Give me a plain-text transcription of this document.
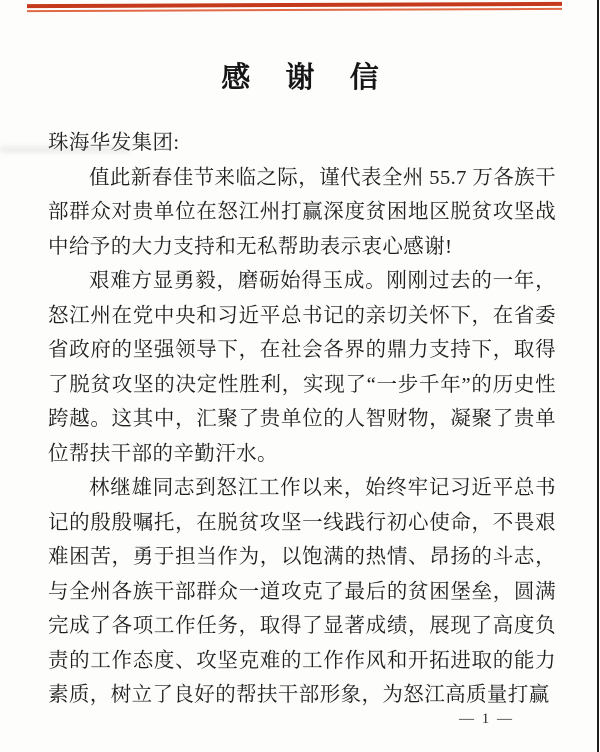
感 谢 信

珠海华发集团:

值此新春佳节来临之际，谨代表全州 55.7 万各族干部群众对贵单位在怒江州打赢深度贫困地区脱贫攻坚战中给予的大力支持和无私帮助表示衷心感谢!

艰难方显勇毅，磨砺始得玉成。刚刚过去的一年，怒江州在党中央和习近平总书记的亲切关怀下，在省委省政府的坚强领导下，在社会各界的鼎力支持下，取得了脱贫攻坚的决定性胜利，实现了“一步千年”的历史性跨越。这其中，汇聚了贵单位的人智财物，凝聚了贵单位帮扶干部的辛勤汗水。

林继雄同志到怒江工作以来，始终牢记习近平总书记的殷殷嘱托，在脱贫攻坚一线践行初心使命，不畏艰难困苦，勇于担当作为，以饱满的热情、昂扬的斗志，与全州各族干部群众一道攻克了最后的贫困堡垒，圆满完成了各项工作任务，取得了显著成绩，展现了高度负责的工作态度、攻坚克难的工作作风和开拓进取的能力素质，树立了良好的帮扶干部形象，为怒江高质量打赢

— 1 —
